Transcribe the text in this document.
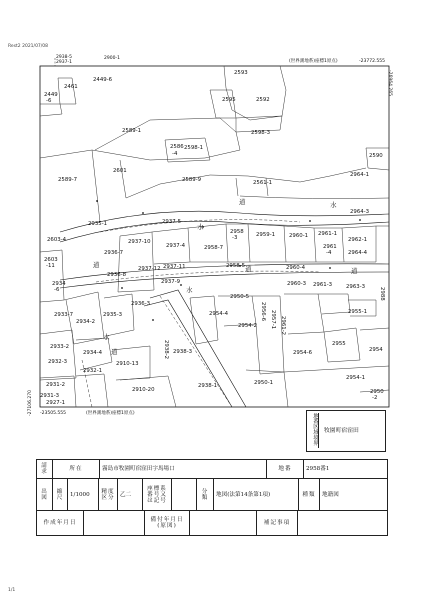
Rest2 2021/07/08
2938-5
2937-1
2900-1
(世界測地系)座標1原点)	-23772.555
-26964.265
-27106.270 -23505.555	(世界測地系)座標1原点)
2449-6
2461
2449
-6
2593
2595	2592
2598-3
2589-1
2586
-4
2598-1
2590
2601
2964-1
2589-7	2589-9	2561-1
2964-3
2937-5
2935-1
2958
-3	2959-1	2960-1 2961-1
2962-1
2937-10
2937-4	2958-7	2961
-4	2964-4
2603-4
2936-7
2603
-11	2937-12 2937-11	2958-5	2960-4
2936-8
2934
-6
2937-9	2960-3 2961-3	2963-3
2950-5
2936-3
2954-4
2933-7	2935-3
2954-2
2934-2
2955-1
2955
2954
2933-2
2938-3	2954-6
2934-4
2932-3	2910-13
2932-1
2954-1
2950-1
2938-1
2931-2
2910-20
2931-3
2927-1
2950
-2
2956-6 2957-1 2961-2
2938-2
2988
道	水
水
道	道	道
水
水
道
地番区域境界 牧園町宿窪田
請求	所在	霧島市牧園町宿窪田字馬場口	地番	2958番1
出図	縮尺	1/1000	精度区分	乙二	座標系番号又は記号		分類	地図(法第14条第1項)	種類	地籍図
作成年月日		備付年月日(原図)		補記事項	
1/1
